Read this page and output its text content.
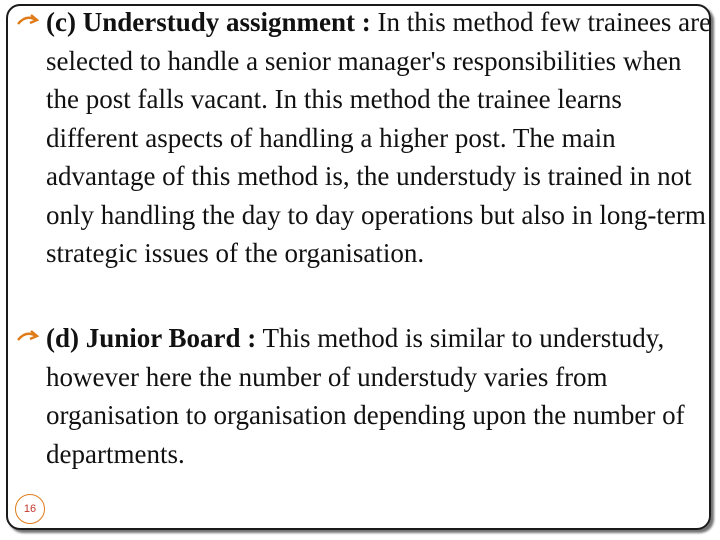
(c) Understudy assignment : In this method few trainees are selected to handle a senior manager's responsibilities when the post falls vacant. In this method the trainee learns different aspects of handling a higher post. The main advantage of this method is, the understudy is trained in not only handling the day to day operations but also in long-term strategic issues of the organisation.

(d) Junior Board : This method is similar to understudy, however here the number of understudy varies from organisation to organisation depending upon the number of departments.

16
